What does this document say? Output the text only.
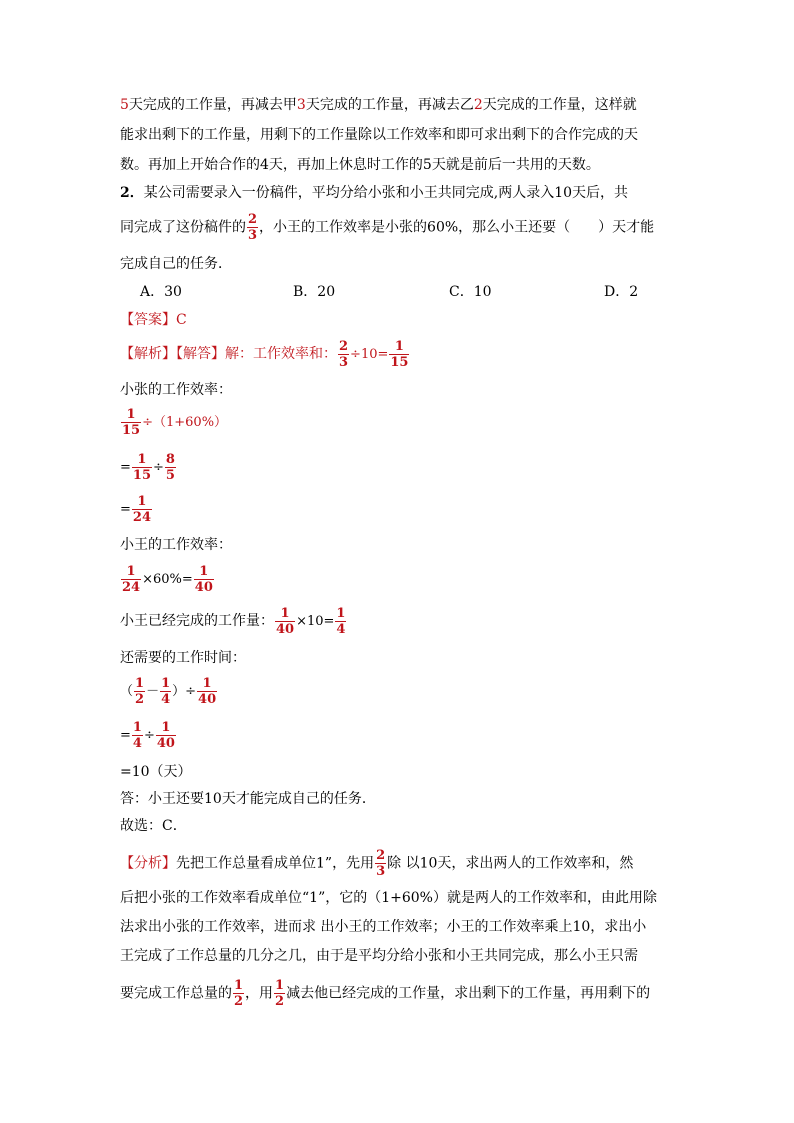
5天完成的工作量，再减去甲3天完成的工作量，再减去乙2天完成的工作量，这样就
能求出剩下的工作量，用剩下的工作量除以工作效率和即可求出剩下的合作完成的天
数。再加上开始合作的4天，再加上休息时工作的5天就是前后一共用的天数。
2．某公司需要录入一份稿件，平均分给小张和小王共同完成,两人录入10天后，共
同完成了这份稿件的 $\frac{2}{3}$ ，小王的工作效率是小张的60%，那么小王还要（　　）天才能
完成自己的任务．
A．30	B．20	C．10	D．2
【答案】C
【解析】【解答】解：工作效率和： $\frac{2}{3} \div 10= \frac{1}{15}$
小张的工作效率：
$\frac{1}{15} \div(1+60\%)$
= $\frac{1}{15} \div \frac{8}{5}$
= $\frac{1}{24}$
小王的工作效率：
$\frac{1}{24} \times 60\%= \frac{1}{40}$
小王已经完成的工作量： $\frac{1}{40} \times 10= \frac{1}{4}$
还需要的工作时间：
（ $\frac{1}{2} - \frac{1}{4}$ ）÷ $\frac{1}{40}$
= $\frac{1}{4} \div \frac{1}{40}$
=10（天）
答：小王还要10天才能完成自己的任务．
故选：C．
【分析】先把工作总量看成单位1”，先用 $\frac{2}{3}$ 除 以10天，求出两人的工作效率和，然
后把小张的工作效率看成单位“1”，它的（1+60%）就是两人的工作效率和，由此用除
法求出小张的工作效率，进而求 出小王的工作效率；小王的工作效率乘上10，求出小
王完成了工作总量的几分之几，由于是平均分给小张和小王共同完成，那么小王只需
要完成工作总量的 $\frac{1}{2}$ ，用 $\frac{1}{2}$ 减去他已经完成的工作量，求出剩下的工作量，再用剩下的
